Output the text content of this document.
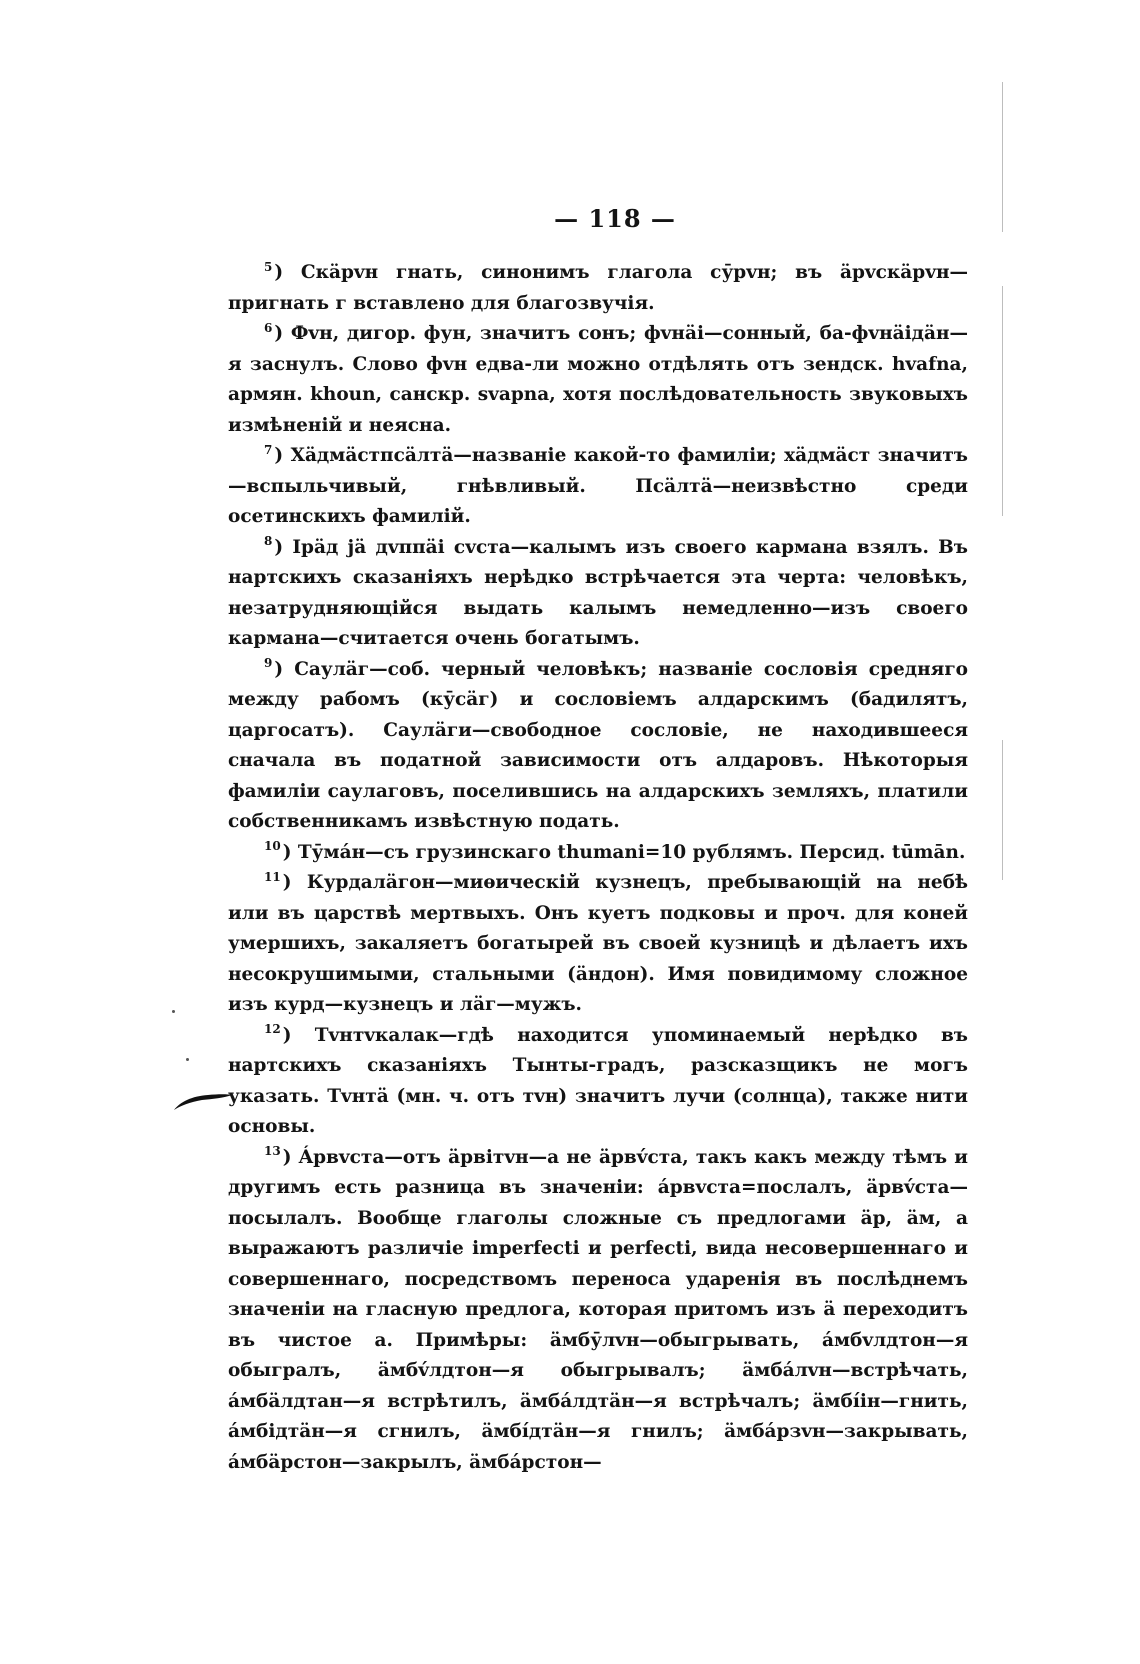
— 118 —

$^5$ ) Скäрvн гнать, синонимъ глагола сӯрvн; въ äрvскäрvн—пригнать г вставлено для благозвучія.

$^6$ ) Фvн, дигор. фун, значитъ сонъ; фvнäі—сонный, ба-фvнäідäн—я заснулъ. Слово фvн едва-ли можно отдѣлять отъ зендск. hvafna, армян. khoun, санскр. svapna, хотя послѣдовательность звуковыхъ измѣненій и неясна.

$^7$ ) Хäдмäстпсäлтä—названіе какой-то фамиліи; хäдмäст значитъ—вспыльчивый, гнѣвливый. Псäлтä—неизвѣстно среди осетинскихъ фамилій.

$^8$ ) Ірäд jä дvппäі сvста—калымъ изъ своего кармана взялъ. Въ нартскихъ сказаніяхъ нерѣдко встрѣчается эта черта: человѣкъ, незатрудняющійся выдать калымъ немедленно—изъ своего кармана—считается очень богатымъ.

$^9$ ) Саулäг—соб. черный человѣкъ; названіе сословія средняго между рабомъ (кӯсäг) и сословіемъ алдарскимъ (бадилятъ, царгосатъ). Саулäги—свободное сословіе, не находившееся сначала въ податной зависимости отъ алдаровъ. Нѣкоторыя фамиліи саулаговъ, поселившись на алдарскихъ земляхъ, платили собственникамъ извѣстную подать.

$^{10}$ ) Тӯмáн—съ грузинскаго thumani=10 рублямъ. Персид. tūmān.

$^{11}$ ) Курдалäгон—миѳическій кузнецъ, пребывающій на небѣ или въ царствѣ мертвыхъ. Онъ куетъ подковы и проч. для коней умершихъ, закаляетъ богатырей въ своей кузницѣ и дѣлаетъ ихъ несокрушимыми, стальными (äндон). Имя повидимому сложное изъ курд—кузнецъ и лäг—мужъ.

$^{12}$ ) Тvнтvкалак—гдѣ находится упоминаемый нерѣдко въ нартскихъ сказаніяхъ Тынты-градъ, разсказщикъ не могъ указать. Тvнтä (мн. ч. отъ тvн) значитъ лучи (солнца), также нити основы.

$^{13}$ ) Áрвvста—отъ äрвітvн—а не äрвv́ста, такъ какъ между тѣмъ и другимъ есть разница въ значеніи: áрвvста=послалъ, äрвv́ста—посылалъ. Вообще глаголы сложные съ предлогами äр, äм, а выражаютъ различіе imperfecti и perfecti, вида несовершеннаго и совершеннаго, посредствомъ переноса ударенія въ послѣднемъ значеніи на гласную предлога, которая притомъ изъ ä переходитъ въ чистое а. Примѣры: äмбӯлvн—обыгрывать, áмбvлдтон—я обыгралъ, äмбv́лдтон—я обыгрывалъ; äмбáлvн—встрѣчать, áмбäлдтан—я встрѣтилъ, äмбáлдтäн—я встрѣчалъ; äмбі́ін—гнить, áмбідтäн—я сгнилъ, äмбі́дтäн—я гнилъ; äмбáрзvн—закрывать, áмбäрстон—закрылъ, äмбáрстон—
